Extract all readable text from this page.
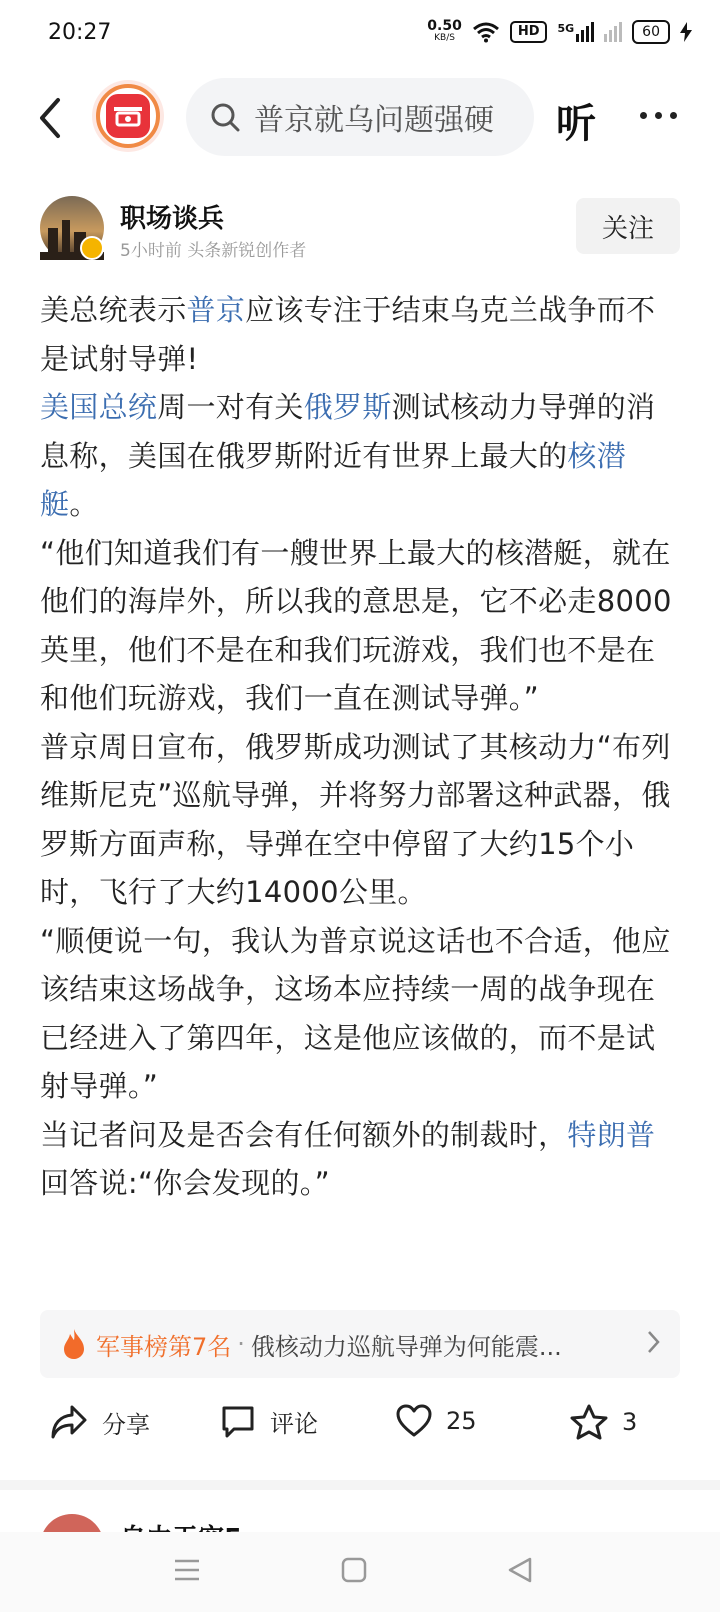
20:27	0.50
KB/S	HD	5G	60
普京就乌问题强硬 听
职场谈兵
5小时前 头条新锐创作者
关注

美总统表示普京应该专注于结束乌克兰战争而不是试射导弹!

美国总统周一对有关俄罗斯测试核动力导弹的消息称，美国在俄罗斯附近有世界上最大的核潜艇。

“他们知道我们有一艘世界上最大的核潜艇，就在他们的海岸外，所以我的意思是，它不必走8000英里，他们不是在和我们玩游戏，我们也不是在和他们玩游戏，我们一直在测试导弹。”

普京周日宣布，俄罗斯成功测试了其核动力“布列维斯尼克”巡航导弹，并将努力部署这种武器，俄罗斯方面声称，导弹在空中停留了大约15个小时，飞行了大约14000公里。

“顺便说一句，我认为普京说这话也不合适，他应该结束这场战争，这场本应持续一周的战争现在已经进入了第四年，这是他应该做的，而不是试射导弹。”

当记者问及是否会有任何额外的制裁时，特朗普回答说:“你会发现的。”

军事榜第7名 · 俄核动力巡航导弹为何能震...
分享	评论	25	3
